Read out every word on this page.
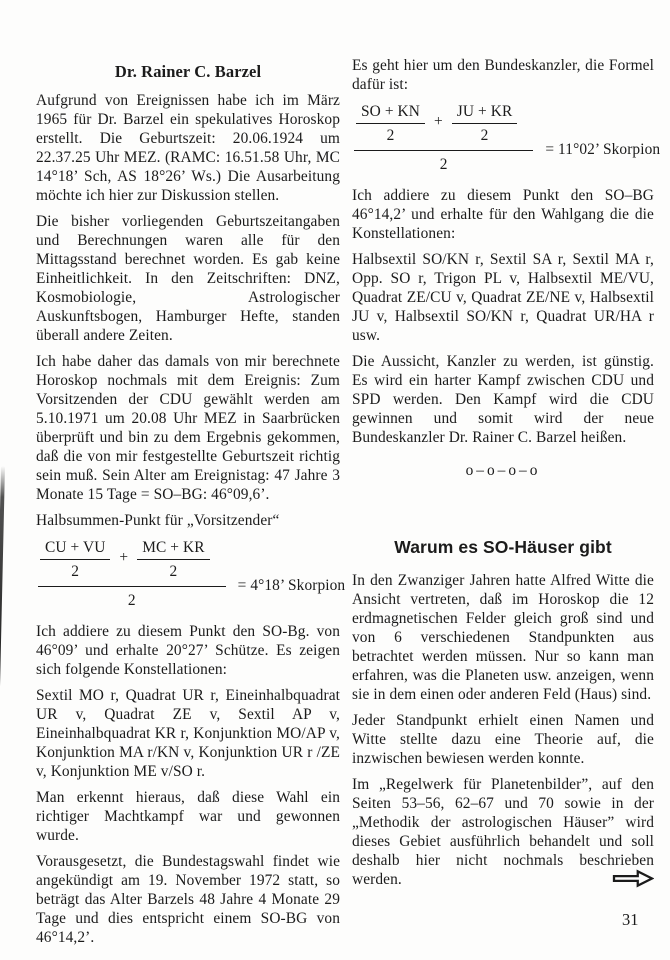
Dr. Rainer C. Barzel

Aufgrund von Ereignissen habe ich im März 1965 für Dr. Barzel ein spekulatives Horoskop erstellt. Die Geburtszeit: 20.06.1924 um 22.37.25 Uhr MEZ. (RAMC: 16.51.58 Uhr, MC 14°18’ Sch, AS 18°26’ Ws.) Die Ausarbeitung möchte ich hier zur Diskussion stellen.

Die bisher vorliegenden Geburtszeitangaben und Berechnungen waren alle für den Mittagsstand berechnet worden. Es gab keine Einheitlichkeit. In den Zeitschriften: DNZ, Kosmobiologie, Astrologischer Auskunftsbogen, Hamburger Hefte, standen überall andere Zeiten.

Ich habe daher das damals von mir berechnete Horoskop nochmals mit dem Ereignis: Zum Vorsitzenden der CDU gewählt werden am 5.10.1971 um 20.08 Uhr MEZ in Saarbrücken überprüft und bin zu dem Ergebnis gekommen, daß die von mir festgestellte Geburtszeit richtig sein muß. Sein Alter am Ereignistag: 47 Jahre 3 Monate 15 Tage = SO–BG: 46°09,6’.

Halbsummen-Punkt für „Vorsitzender“

$\frac{CU + VU}{2} + \frac{MC + KR}{2}$
2
= 4°18’ Skorpion

Ich addiere zu diesem Punkt den SO-Bg. von 46°09’ und erhalte 20°27’ Schütze. Es zeigen sich folgende Konstellationen:

Sextil MO r, Quadrat UR r, Eineinhalbquadrat UR v, Quadrat ZE v, Sextil AP v, Eineinhalbquadrat KR r, Konjunktion MO/AP v, Konjunktion MA r/KN v, Konjunktion UR r /ZE v, Konjunktion ME v/SO r.

Man erkennt hieraus, daß diese Wahl ein richtiger Machtkampf war und gewonnen wurde.

Vorausgesetzt, die Bundestagswahl findet wie angekündigt am 19. November 1972 statt, so beträgt das Alter Barzels 48 Jahre 4 Monate 29 Tage und dies entspricht einem SO-BG von 46°14,2’.

Es geht hier um den Bundeskanzler, die Formel dafür ist:

$\frac{SO + KN}{2} + \frac{JU + KR}{2}$
2
= 11°02’ Skorpion

Ich addiere zu diesem Punkt den SO–BG 46°14,2’ und erhalte für den Wahlgang die die Konstellationen:

Halbsextil SO/KN r, Sextil SA r, Sextil MA r, Opp. SO r, Trigon PL v, Halbsextil ME/VU, Quadrat ZE/CU v, Quadrat ZE/NE v, Halbsextil JU v, Halbsextil SO/KN r, Quadrat UR/HA r usw.

Die Aussicht, Kanzler zu werden, ist günstig. Es wird ein harter Kampf zwischen CDU und SPD werden. Den Kampf wird die CDU gewinnen und somit wird der neue Bundeskanzler Dr. Rainer C. Barzel heißen.

o–o–o–o

Warum es SO-Häuser gibt

In den Zwanziger Jahren hatte Alfred Witte die Ansicht vertreten, daß im Horoskop die 12 erdmagnetischen Felder gleich groß sind und von 6 verschiedenen Standpunkten aus betrachtet werden müssen. Nur so kann man erfahren, was die Planeten usw. anzeigen, wenn sie in dem einen oder anderen Feld (Haus) sind.

Jeder Standpunkt erhielt einen Namen und Witte stellte dazu eine Theorie auf, die inzwischen bewiesen werden konnte.

Im „Regelwerk für Planetenbilder”, auf den Seiten 53–56, 62–67 und 70 sowie in der „Methodik der astrologischen Häuser” wird dieses Gebiet ausführlich behandelt und soll deshalb hier nicht nochmals beschrieben werden.

31
